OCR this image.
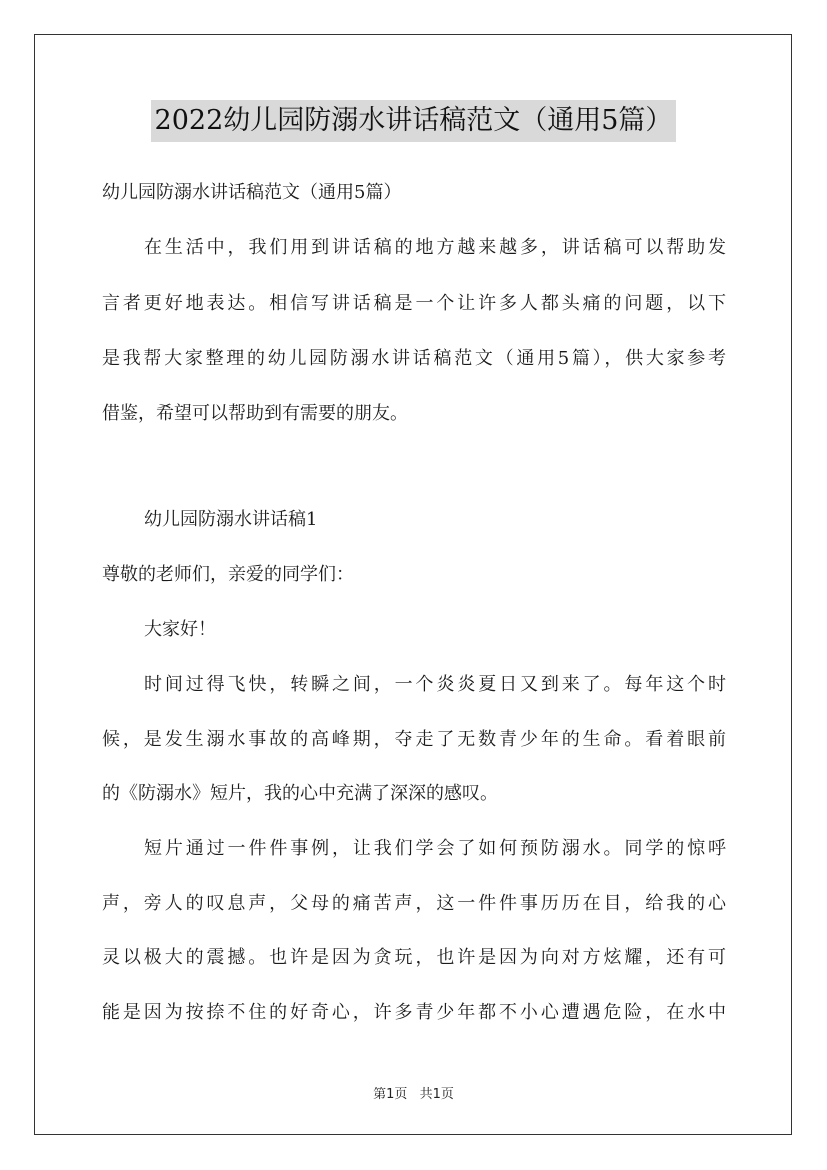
2022幼儿园防溺水讲话稿范文（通用5篇）
幼儿园防溺水讲话稿范文（通用5篇）
在生活中，我们用到讲话稿的地方越来越多，讲话稿可以帮助发
言者更好地表达。相信写讲话稿是一个让许多人都头痛的问题，以下
是我帮大家整理的幼儿园防溺水讲话稿范文（通用5篇），供大家参考
借鉴，希望可以帮助到有需要的朋友。
幼儿园防溺水讲话稿1
尊敬的老师们，亲爱的同学们：
大家好！
时间过得飞快，转瞬之间，一个炎炎夏日又到来了。每年这个时
候，是发生溺水事故的高峰期，夺走了无数青少年的生命。看着眼前
的《防溺水》短片，我的心中充满了深深的感叹。
短片通过一件件事例，让我们学会了如何预防溺水。同学的惊呼
声，旁人的叹息声，父母的痛苦声，这一件件事历历在目，给我的心
灵以极大的震撼。也许是因为贪玩，也许是因为向对方炫耀，还有可
能是因为按捺不住的好奇心，许多青少年都不小心遭遇危险，在水中
第1页 共1页
